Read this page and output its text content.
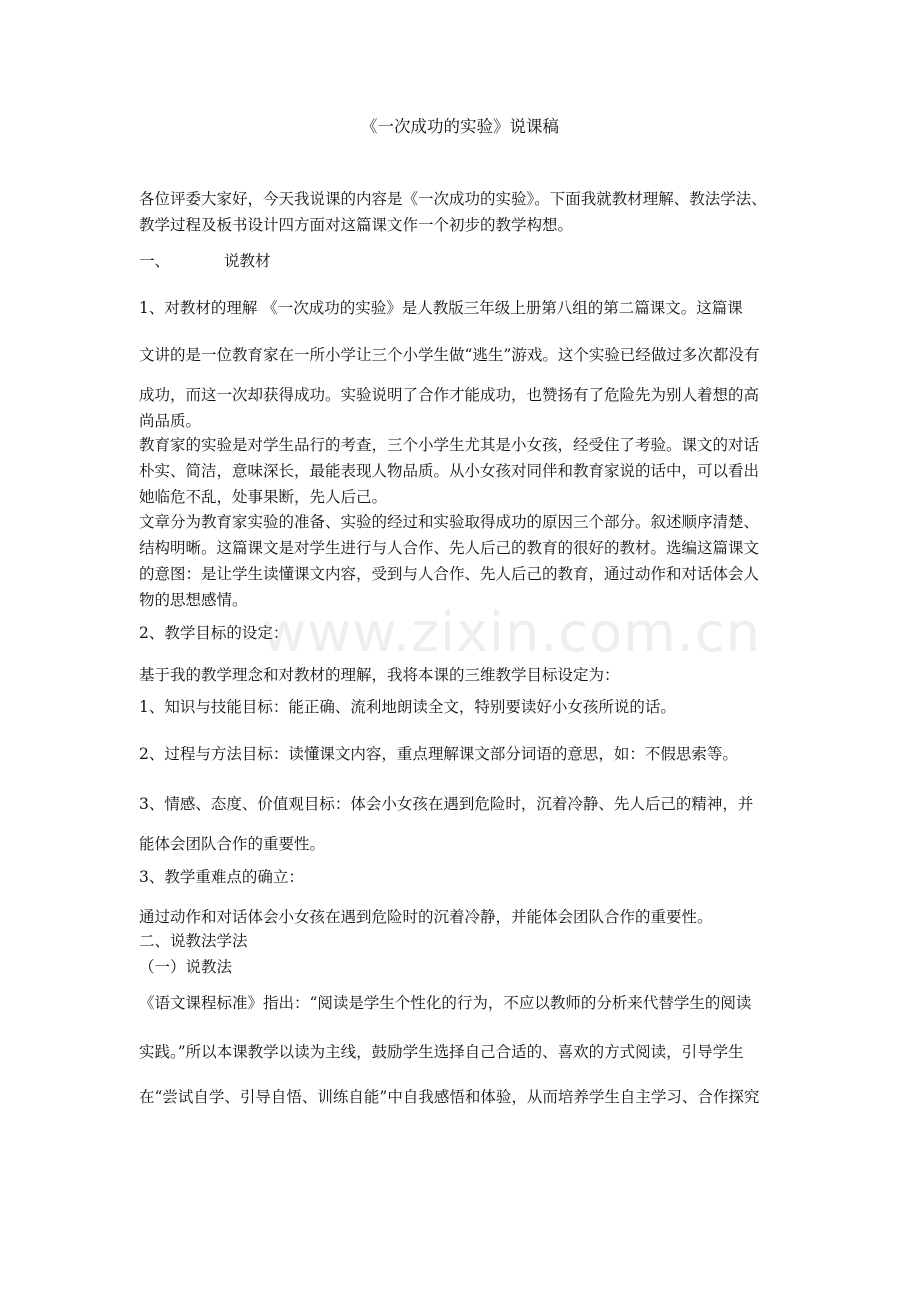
《一次成功的实验》说课稿
各位评委大家好，今天我说课的内容是《一次成功的实验》。下面我就教材理解、教法学法、
教学过程及板书设计四方面对这篇课文作一个初步的教学构想。
一、	说教材
1、对教材的理解 《一次成功的实验》是人教版三年级上册第八组的第二篇课文。这篇课
文讲的是一位教育家在一所小学让三个小学生做“逃生”游戏。这个实验已经做过多次都没有
成功，而这一次却获得成功。实验说明了合作才能成功，也赞扬有了危险先为别人着想的高
尚品质。
教育家的实验是对学生品行的考查，三个小学生尤其是小女孩，经受住了考验。课文的对话
朴实、简洁，意味深长，最能表现人物品质。从小女孩对同伴和教育家说的话中，可以看出
她临危不乱，处事果断，先人后己。
文章分为教育家实验的准备、实验的经过和实验取得成功的原因三个部分。叙述顺序清楚、
结构明晰。这篇课文是对学生进行与人合作、先人后己的教育的很好的教材。选编这篇课文
的意图：是让学生读懂课文内容，受到与人合作、先人后己的教育，通过动作和对话体会人
物的思想感情。
2、教学目标的设定：
基于我的教学理念和对教材的理解，我将本课的三维教学目标设定为：
1、知识与技能目标：能正确、流利地朗读全文，特别要读好小女孩所说的话。
2、过程与方法目标：读懂课文内容，重点理解课文部分词语的意思，如：不假思索等。
3、情感、态度、价值观目标：体会小女孩在遇到危险时，沉着冷静、先人后己的精神，并
能体会团队合作的重要性。
3、教学重难点的确立：
通过动作和对话体会小女孩在遇到危险时的沉着冷静，并能体会团队合作的重要性。
二、说教法学法
（一）说教法
《语文课程标准》指出：“阅读是学生个性化的行为，不应以教师的分析来代替学生的阅读
实践。”所以本课教学以读为主线，鼓励学生选择自己合适的、喜欢的方式阅读，引导学生
在“尝试自学、引导自悟、训练自能”中自我感悟和体验，从而培养学生自主学习、合作探究
www.zixin.com.cn
